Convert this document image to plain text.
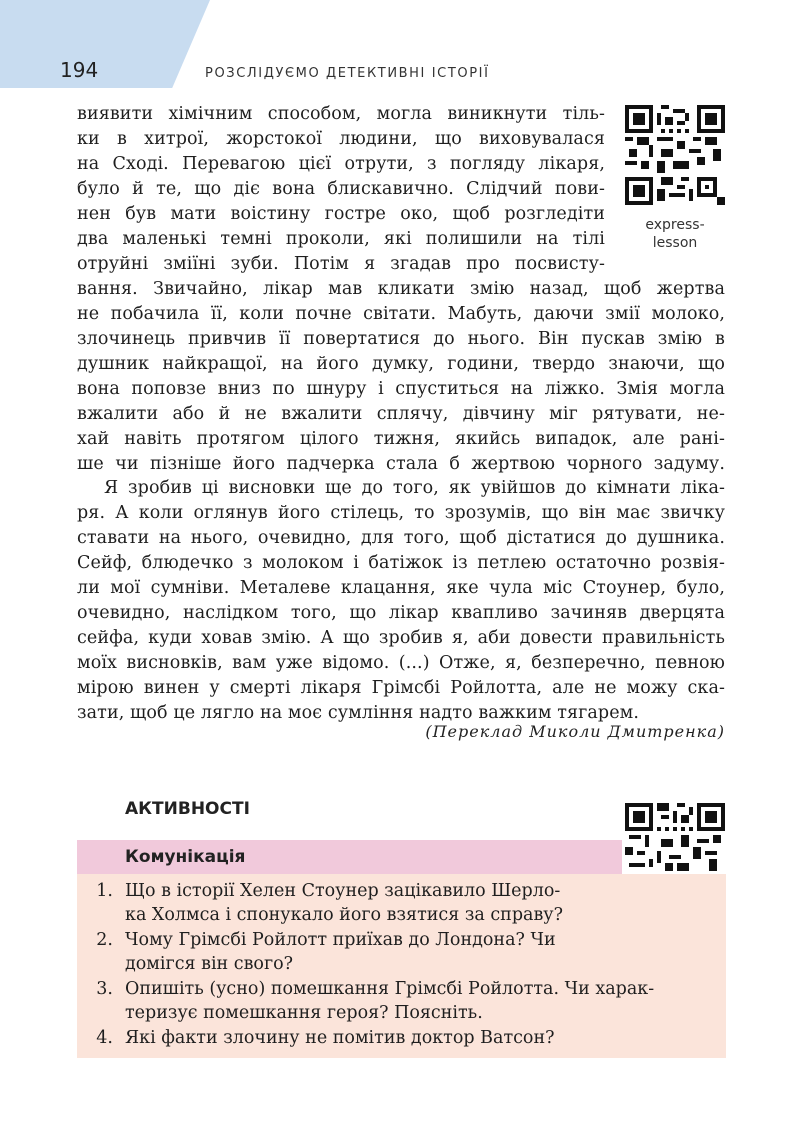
194	РОЗСЛІДУЄМО ДЕТЕКТИВНІ ІСТОРІЇ
express-
lesson
виявити хімічним способом, могла виникнути тіль-
ки в хитрої, жорстокої людини, що виховувалася
на Сході. Перевагою цієї отрути, з погляду лікаря,
було й те, що діє вона блискавично. Слідчий пови-
нен був мати воістину гостре око, щоб розгледіти
два маленькі темні проколи, які полишили на тілі
отруйні зміїні зуби. Потім я згадав про посвисту-
вання. Звичайно, лікар мав кликати змію назад, щоб жертва
не побачила її, коли почне світати. Мабуть, даючи змії молоко,
злочинець привчив її повертатися до нього. Він пускав змію в
душник найкращої, на його думку, години, твердо знаючи, що
вона поповзе вниз по шнуру і спуститься на ліжко. Змія могла
вжалити або й не вжалити сплячу, дівчину міг рятувати, не-
хай навіть протягом цілого тижня, якийсь випадок, але рані-
ше чи пізніше його падчерка стала б жертвою чорного задуму.
Я зробив ці висновки ще до того, як увійшов до кімнати ліка-
ря. А коли оглянув його стілець, то зрозумів, що він має звичку
ставати на нього, очевидно, для того, щоб дістатися до душника.
Сейф, блюдечко з молоком і батіжок із петлею остаточно розвія-
ли мої сумніви. Металеве клацання, яке чула міс Стоунер, було,
очевидно, наслідком того, що лікар квапливо зачиняв дверцята
сейфа, куди ховав змію. А що зробив я, аби довести правильність
моїх висновків, вам уже відомо. (...) Отже, я, безперечно, певною
мірою винен у смерті лікаря Грімсбі Ройлотта, але не можу ска-
зати, щоб це лягло на моє сумління надто важким тягарем.
(Переклад Миколи Дмитренка)
АКТИВНОСТІ
Комунікація
1. Що в історії Хелен Стоунер зацікавило Шерло-
ка Холмса і спонукало його взятися за справу?
2. Чому Грімсбі Ройлотт приїхав до Лондона? Чи
домігся він свого?
3. Опишіть (усно) помешкання Грімсбі Ройлотта. Чи харак-
теризує помешкання героя? Поясніть.
4. Які факти злочину не помітив доктор Ватсон?
